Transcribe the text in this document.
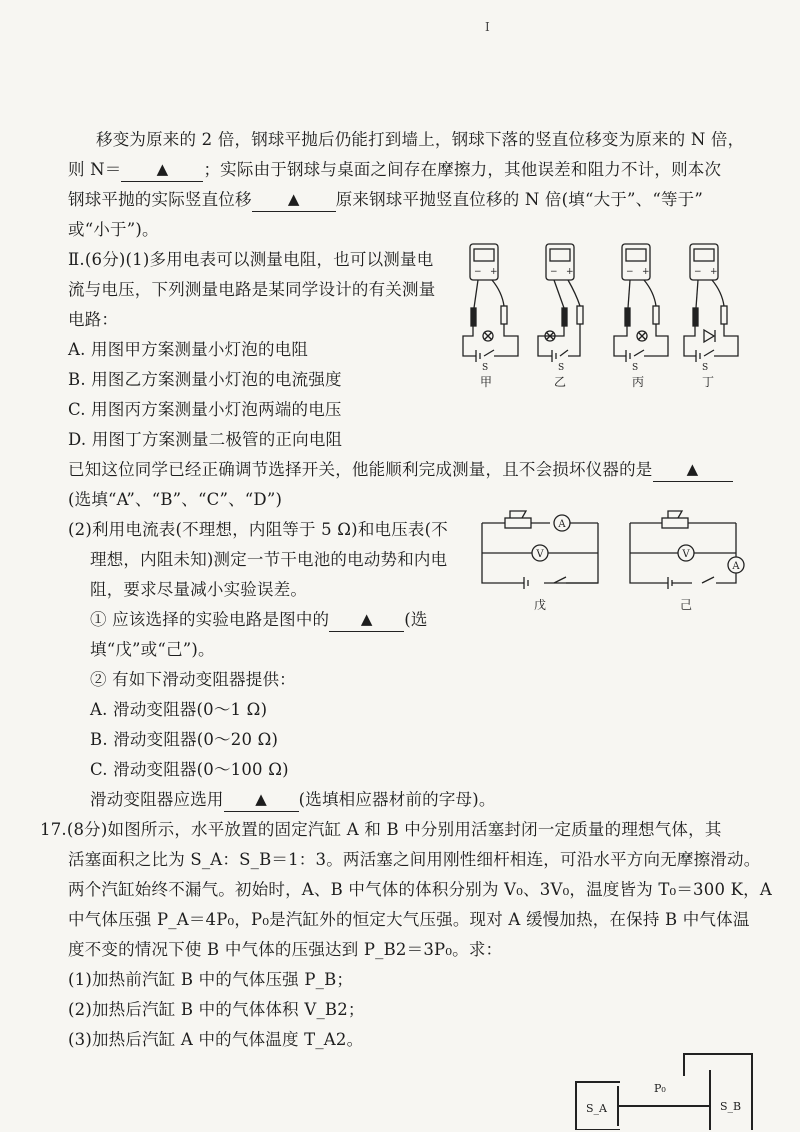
I
移变为原来的 2 倍，钢球平抛后仍能打到墙上，钢球下落的竖直位移变为原来的 N 倍，
则 N＝ ▲	；实际由于钢球与桌面之间存在摩擦力，其他误差和阻力不计，则本次
钢球平抛的实际竖直位移 ▲	原来钢球平抛竖直位移的 N 倍(填“大于”、“等于”
或“小于”)。
Ⅱ.(6分)(1)多用电表可以测量电阻，也可以测量电
流与电压，下列测量电路是某同学设计的有关测量
电路：
A. 用图甲方案测量小灯泡的电阻
B. 用图乙方案测量小灯泡的电流强度
C. 用图丙方案测量小灯泡两端的电压
D. 用图丁方案测量二极管的正向电阻
已知这位同学已经正确调节选择开关，他能顺利完成测量，且不会损坏仪器的是▲
(选填“A”、“B”、“C”、“D”)
− +	− +	− +	− +
S	S	S	S
甲	乙	丙	丁
(2)利用电流表(不理想，内阻等于 5 Ω)和电压表(不
理想，内阻未知)测定一节干电池的电动势和内电
阻，要求尽量减小实验误差。
① 应该选择的实验电路是图中的 ▲	(选
填“戊”或“己”)。
② 有如下滑动变阻器提供：
A. 滑动变阻器(0～1 Ω)
B. 滑动变阻器(0～20 Ω)
C. 滑动变阻器(0～100 Ω)
滑动变阻器应选用 ▲	(选填相应器材前的字母)。
A
V	V
A
戊	己
17.(8分)如图所示，水平放置的固定汽缸 A 和 B 中分别用活塞封闭一定质量的理想气体，其
活塞面积之比为 S_A：S_B＝1：3。两活塞之间用刚性细杆相连，可沿水平方向无摩擦滑动。
两个汽缸始终不漏气。初始时，A、B 中气体的体积分别为 V₀、3V₀，温度皆为 T₀＝300 K，A
中气体压强 P_A＝4P₀，P₀是汽缸外的恒定大气压强。现对 A 缓慢加热，在保持 B 中气体温
度不变的情况下使 B 中气体的压强达到 P_B2＝3P₀。求：
(1)加热前汽缸 B 中的气体压强 P_B；
(2)加热后汽缸 B 中的气体体积 V_B2；
(3)加热后汽缸 A 中的气体温度 T_A2。
S_A
P₀
S_B
